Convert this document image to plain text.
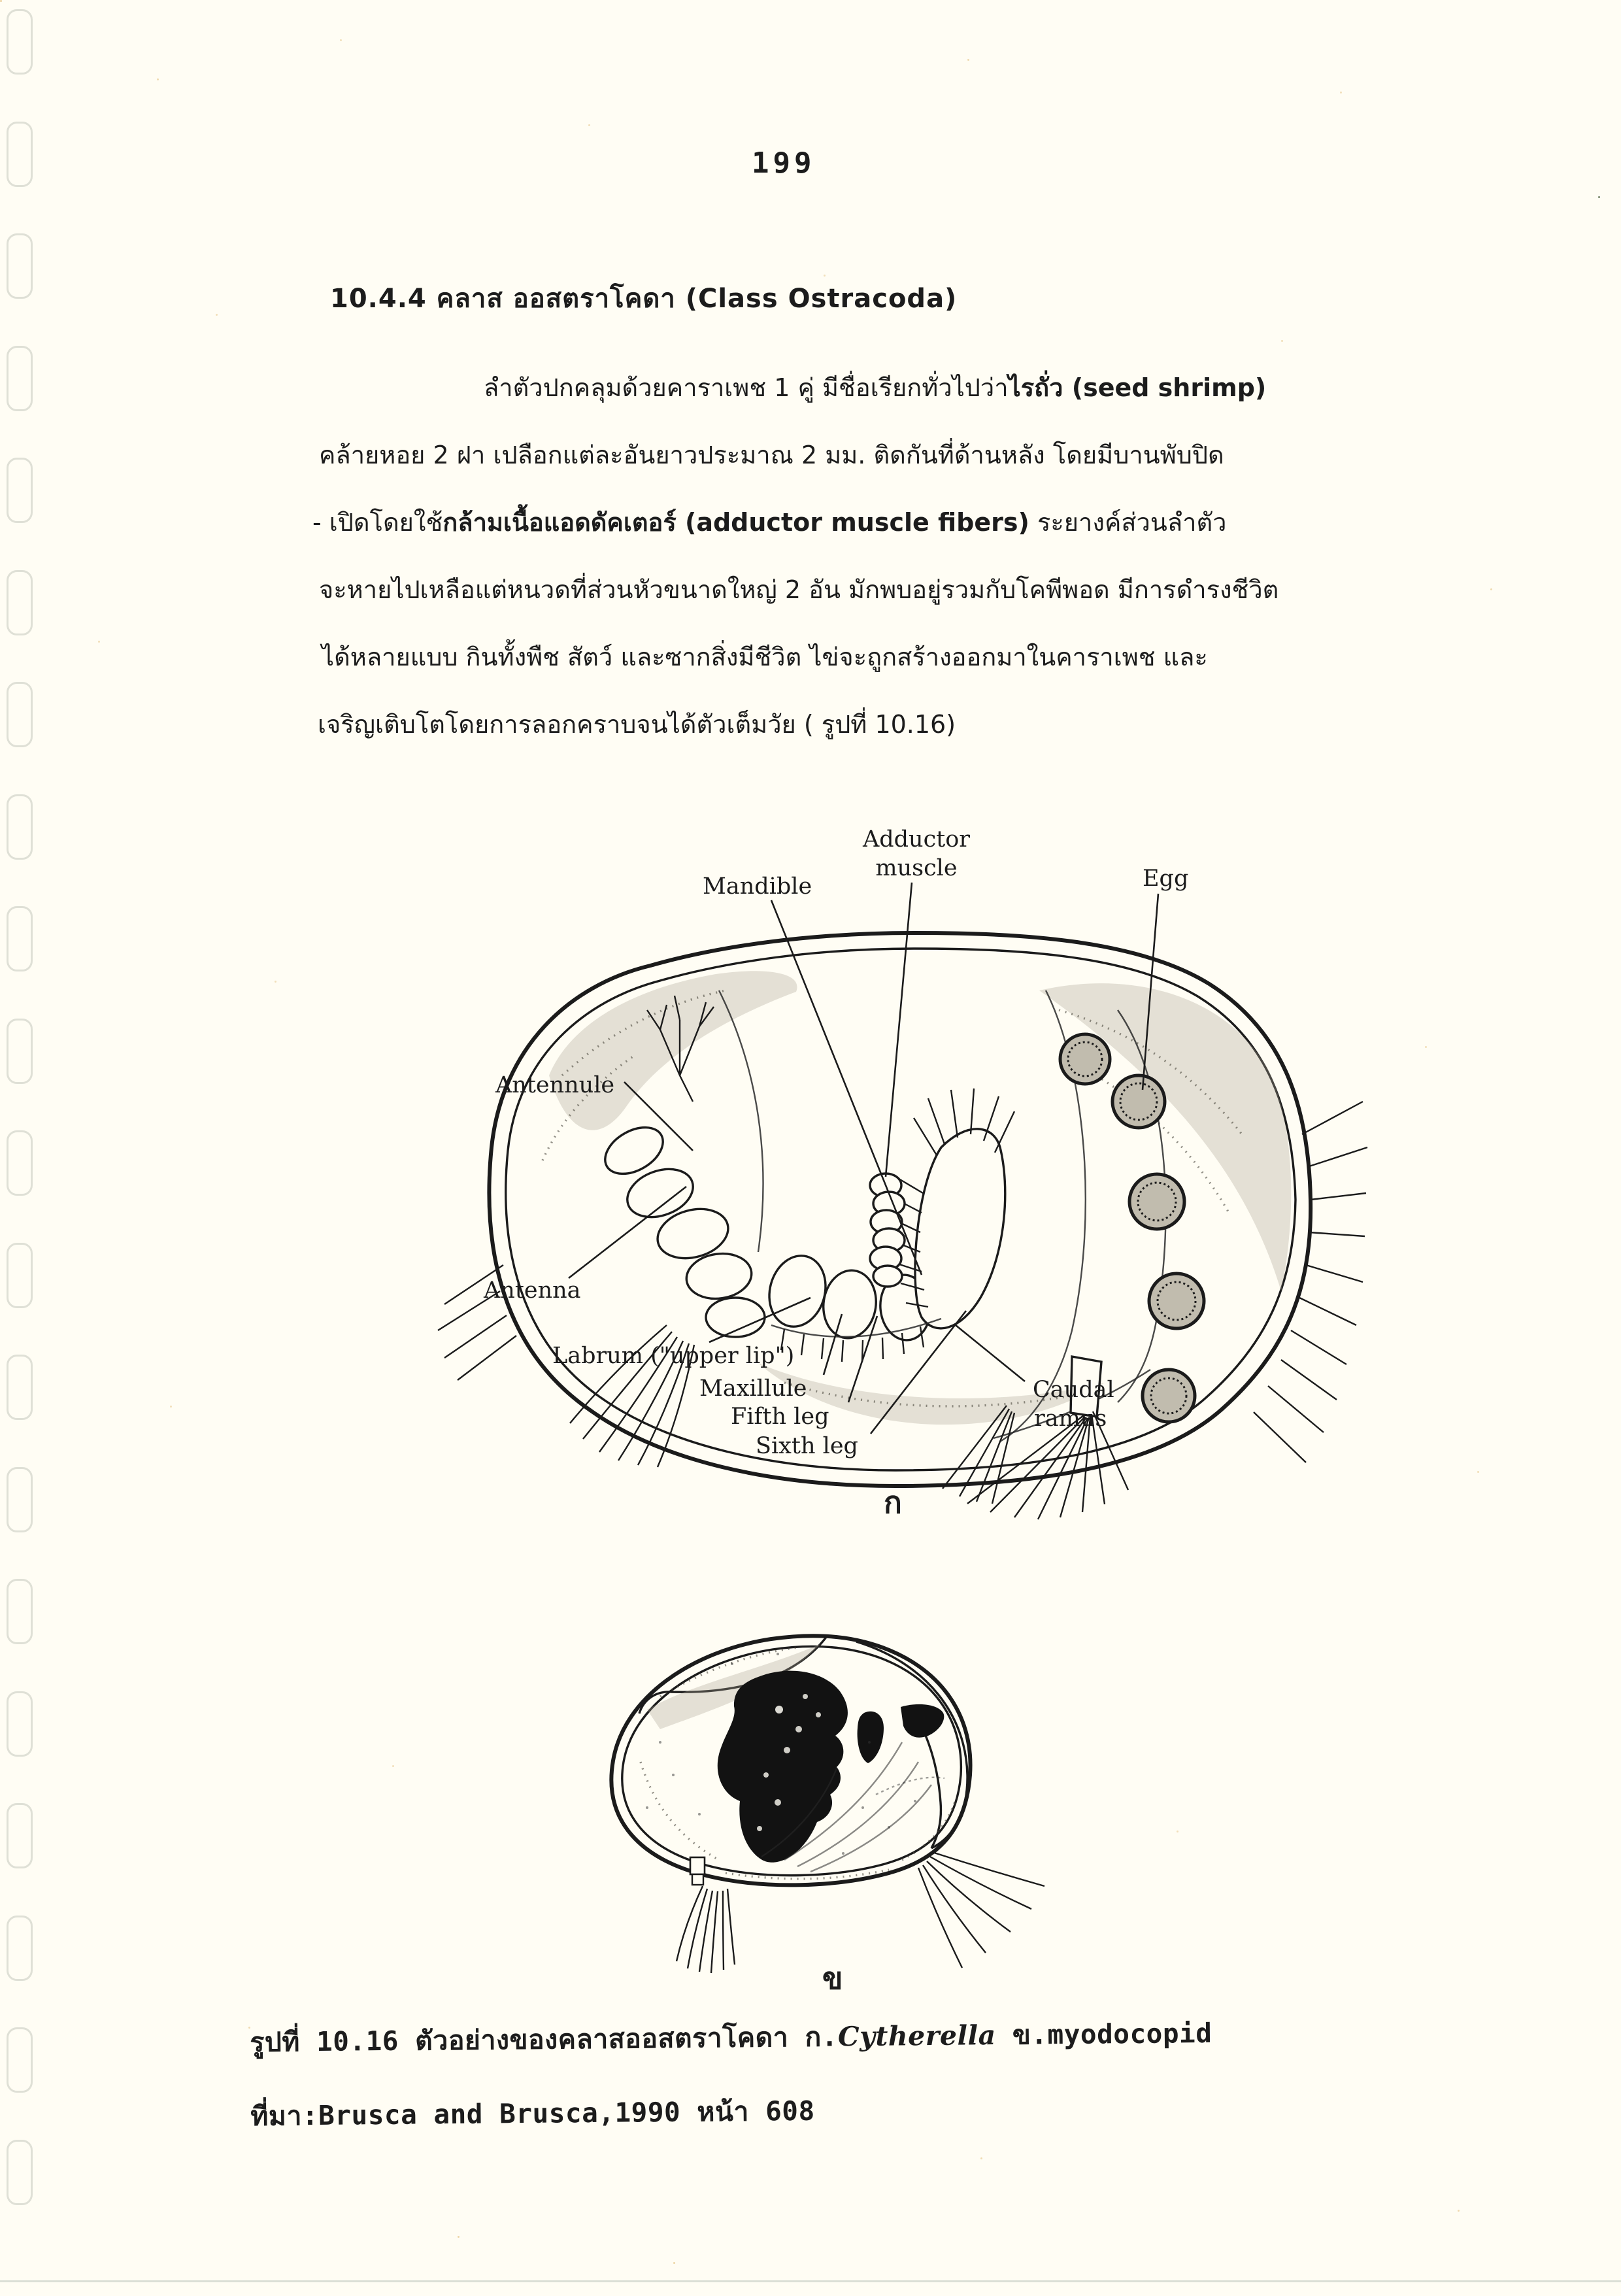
199
10.4.4 คลาส ออสตราโคดา (Class Ostracoda)
ลำตัวปกคลุมด้วยคาราเพช 1 คู่ มีชื่อเรียกทั่วไปว่าไรถั่ว (seed shrimp)
คล้ายหอย 2 ฝา เปลือกแต่ละอันยาวประมาณ 2 มม. ติดกันที่ด้านหลัง โดยมีบานพับปิด
- เปิดโดยใช้กล้ามเนื้อแอดดัคเตอร์ (adductor muscle fibers) ระยางค์ส่วนลำตัว
จะหายไปเหลือแต่หนวดที่ส่วนหัวขนาดใหญ่ 2 อัน มักพบอยู่รวมกับโคพีพอด มีการดำรงชีวิต
ได้หลายแบบ กินทั้งพืช สัตว์ และซากสิ่งมีชีวิต ไข่จะถูกสร้างออกมาในคาราเพช และ
เจริญเติบโตโดยการลอกคราบจนได้ตัวเต็มวัย ( รูปที่ 10.16)
Adductor
muscle
Mandible	Egg
Antennule
Antenna
Labrum ("upper lip")
Maxillule
Fifth leg
Sixth leg
Caudal
ramus
ก
ข
รูปที่ 10.16 ตัวอย่างของคลาสออสตราโคดา ก.Cytherella ข.myodocopid
ที่มา:Brusca and Brusca,1990 หน้า 608
